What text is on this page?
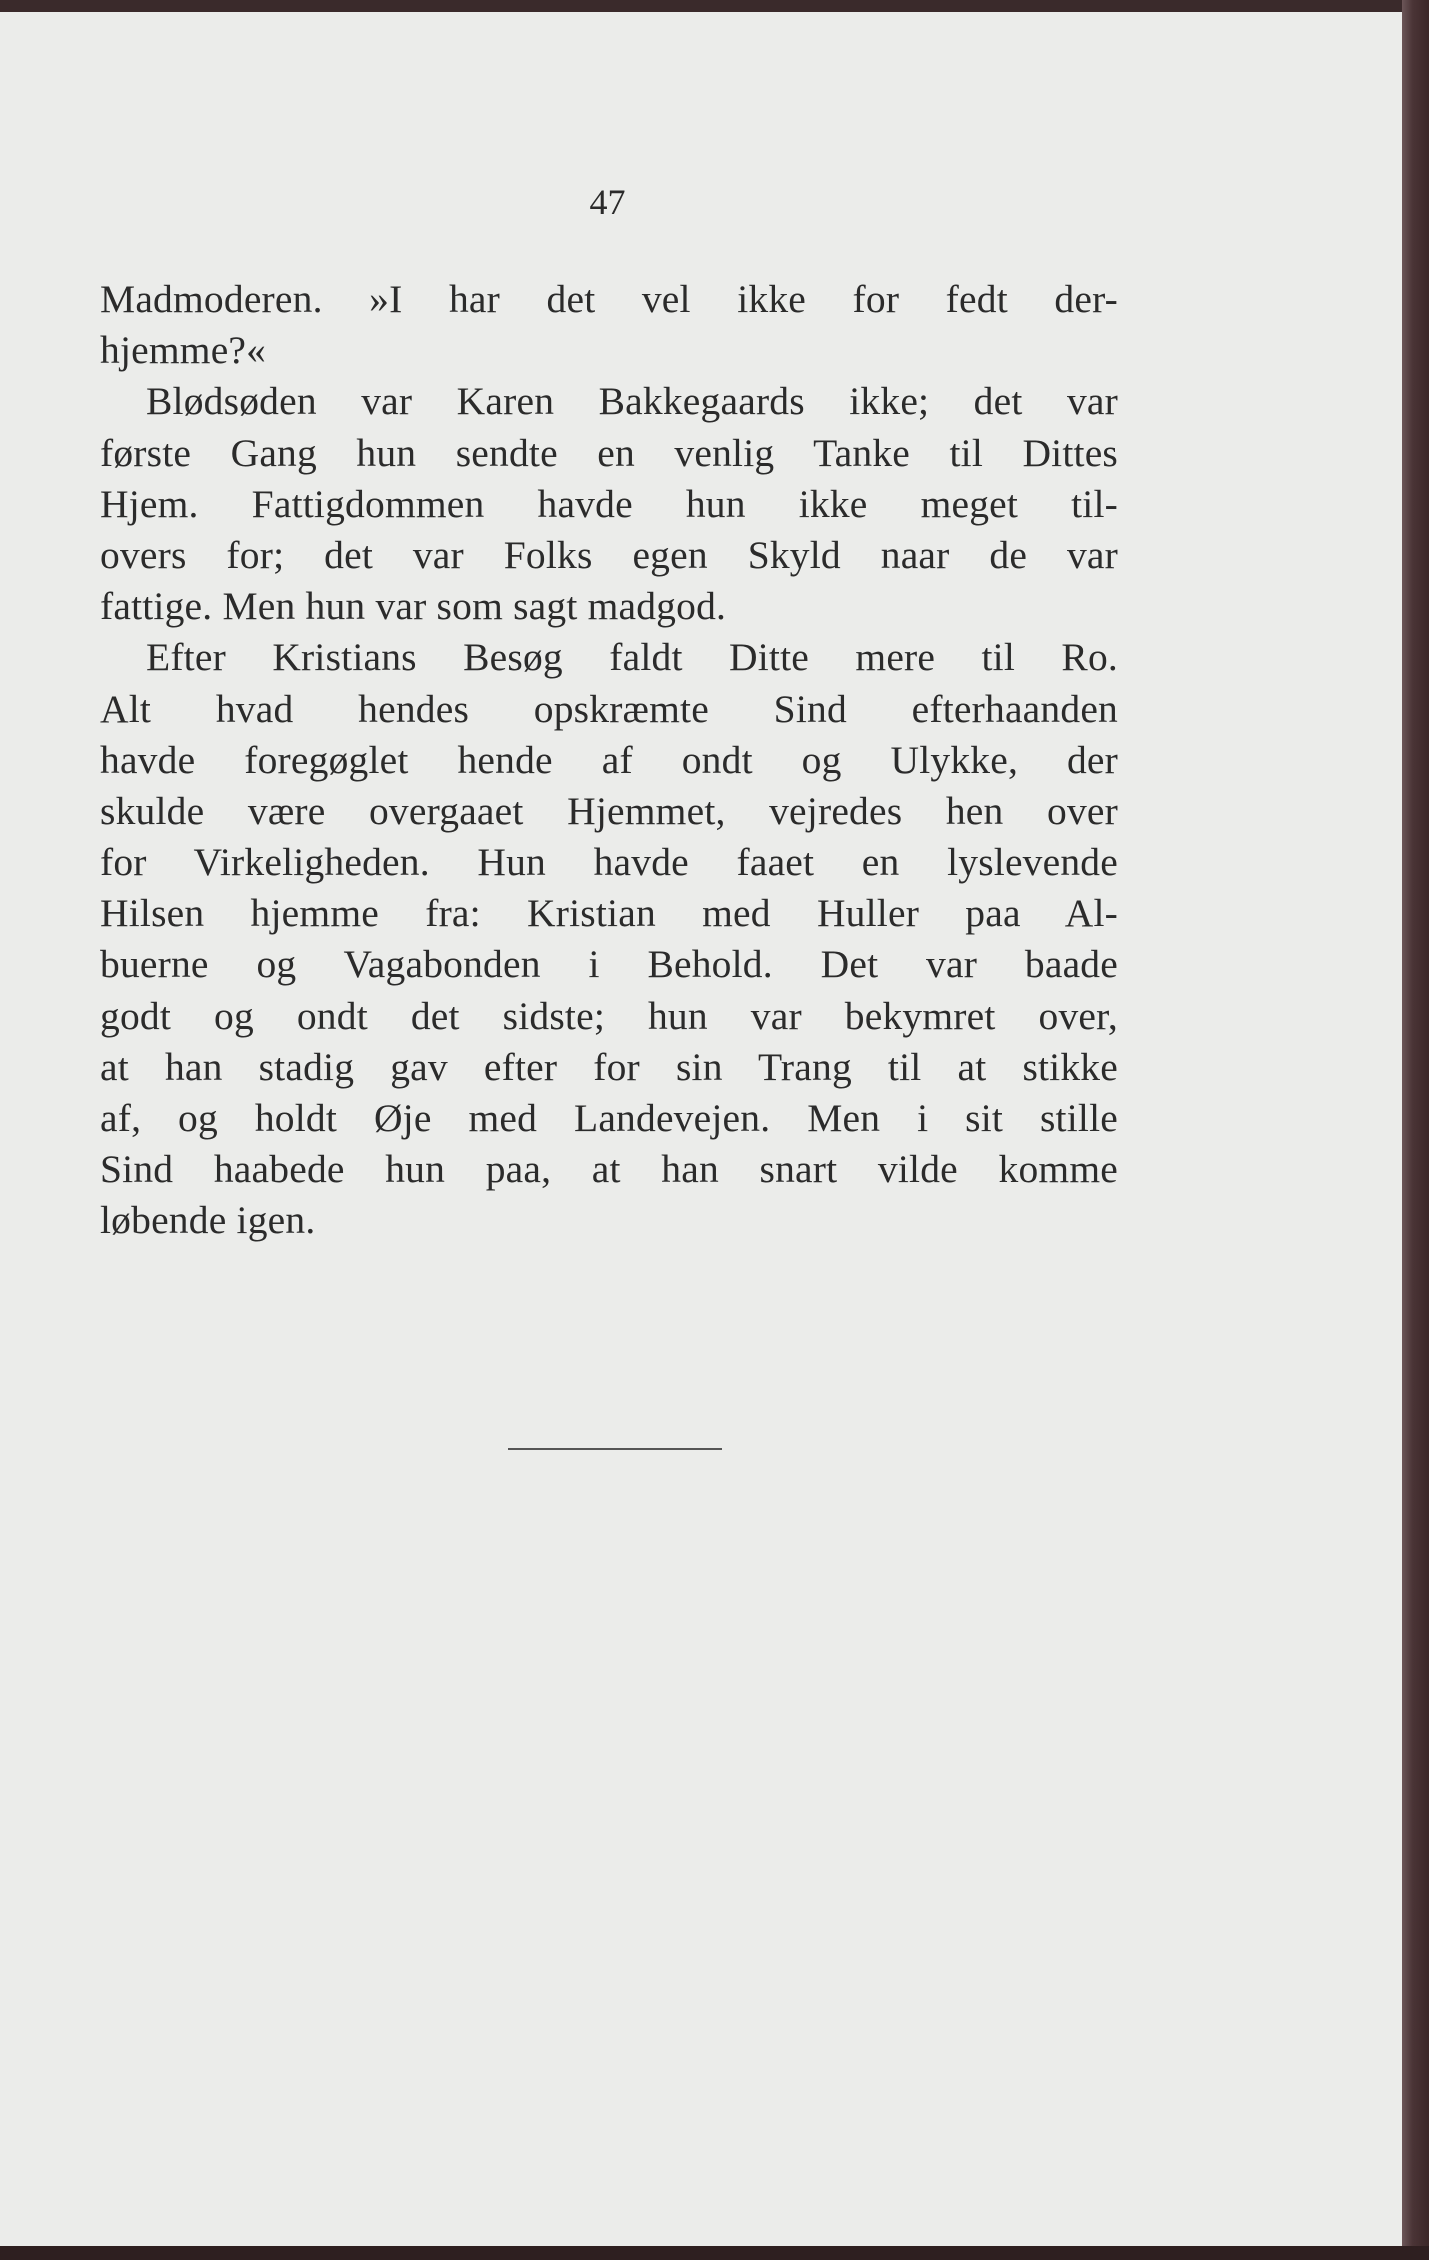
47
Madmoderen. »I har det vel ikke for fedt der-
hjemme?«
Blødsøden var Karen Bakkegaards ikke; det var
første Gang hun sendte en venlig Tanke til Dittes
Hjem. Fattigdommen havde hun ikke meget til-
overs for; det var Folks egen Skyld naar de var
fattige. Men hun var som sagt madgod.
Efter Kristians Besøg faldt Ditte mere til Ro.
Alt hvad hendes opskræmte Sind efterhaanden
havde foregøglet hende af ondt og Ulykke, der
skulde være overgaaet Hjemmet, vejredes hen over
for Virkeligheden. Hun havde faaet en lyslevende
Hilsen hjemme fra: Kristian med Huller paa Al-
buerne og Vagabonden i Behold. Det var baade
godt og ondt det sidste; hun var bekymret over,
at han stadig gav efter for sin Trang til at stikke
af, og holdt Øje med Landevejen. Men i sit stille
Sind haabede hun paa, at han snart vilde komme
løbende igen.
